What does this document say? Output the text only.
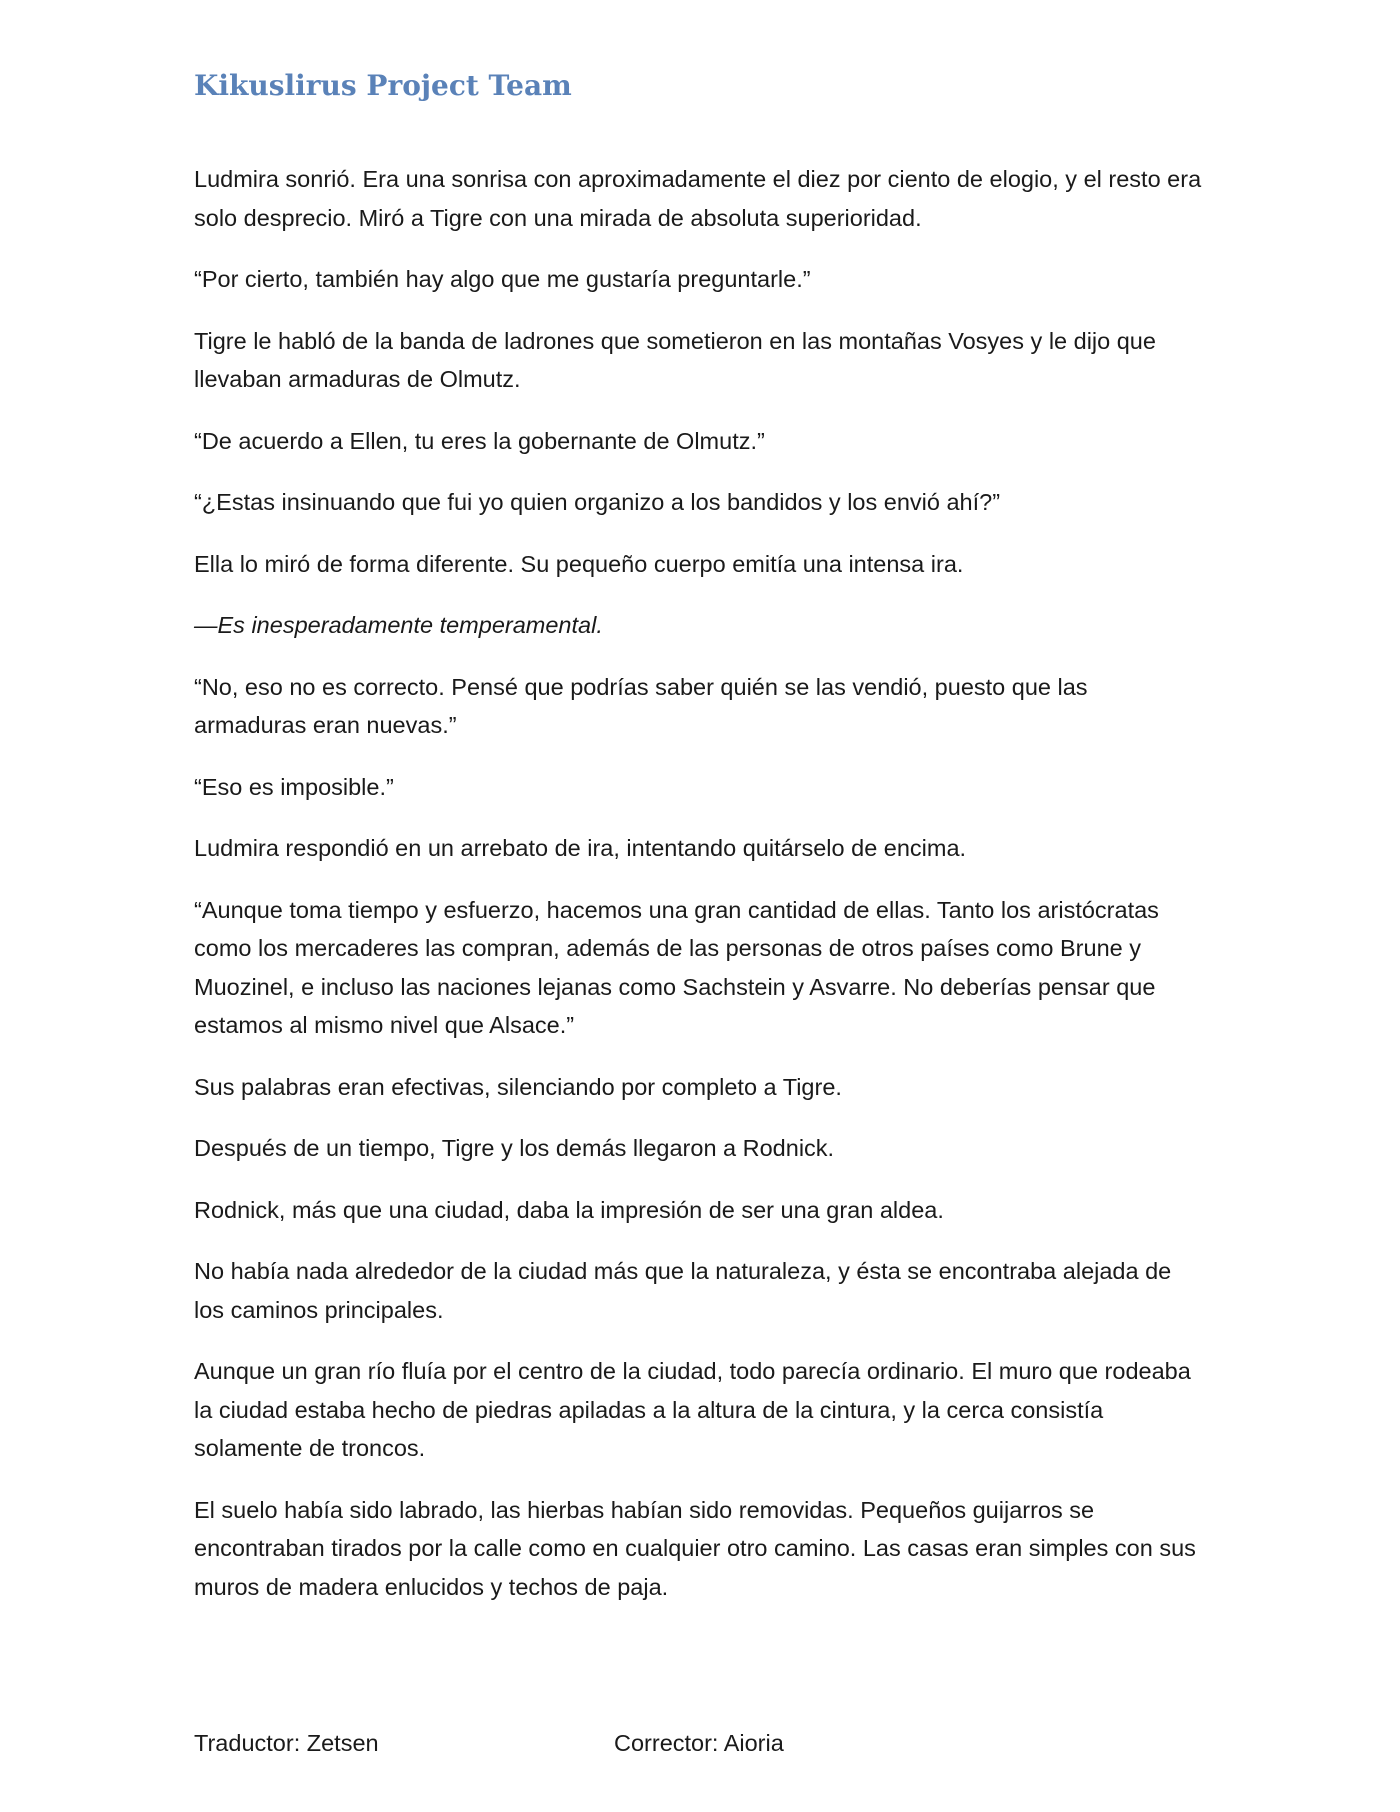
Kikuslirus Project Team

Ludmira sonrió. Era una sonrisa con aproximadamente el diez por ciento de elogio, y el resto era solo desprecio. Miró a Tigre con una mirada de absoluta superioridad.

“Por cierto, también hay algo que me gustaría preguntarle.”

Tigre le habló de la banda de ladrones que sometieron en las montañas Vosyes y le dijo que llevaban armaduras de Olmutz.

“De acuerdo a Ellen, tu eres la gobernante de Olmutz.”

“¿Estas insinuando que fui yo quien organizo a los bandidos y los envió ahí?”

Ella lo miró de forma diferente. Su pequeño cuerpo emitía una intensa ira.

—Es inesperadamente temperamental.

“No, eso no es correcto. Pensé que podrías saber quién se las vendió, puesto que las armaduras eran nuevas.”

“Eso es imposible.”

Ludmira respondió en un arrebato de ira, intentando quitárselo de encima.

“Aunque toma tiempo y esfuerzo, hacemos una gran cantidad de ellas. Tanto los aristócratas como los mercaderes las compran, además de las personas de otros países como Brune y Muozinel, e incluso las naciones lejanas como Sachstein y Asvarre. No deberías pensar que estamos al mismo nivel que Alsace.”

Sus palabras eran efectivas, silenciando por completo a Tigre.

Después de un tiempo, Tigre y los demás llegaron a Rodnick.

Rodnick, más que una ciudad, daba la impresión de ser una gran aldea.

No había nada alrededor de la ciudad más que la naturaleza, y ésta se encontraba alejada de los caminos principales.

Aunque un gran río fluía por el centro de la ciudad, todo parecía ordinario. El muro que rodeaba la ciudad estaba hecho de piedras apiladas a la altura de la cintura, y la cerca consistía solamente de troncos.

El suelo había sido labrado, las hierbas habían sido removidas. Pequeños guijarros se encontraban tirados por la calle como en cualquier otro camino. Las casas eran simples con sus muros de madera enlucidos y techos de paja.

Traductor: Zetsen	Corrector: Aioria
